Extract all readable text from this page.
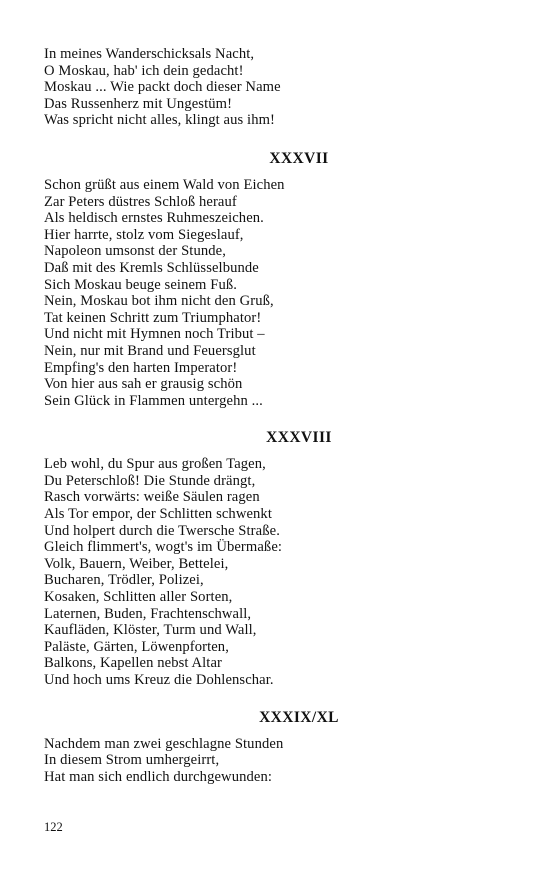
In meines Wanderschicksals Nacht,
O Moskau, hab' ich dein gedacht!
Moskau ... Wie packt doch dieser Name
Das Russenherz mit Ungestüm!
Was spricht nicht alles, klingt aus ihm!
XXXVII
Schon grüßt aus einem Wald von Eichen
Zar Peters düstres Schloß herauf
Als heldisch ernstes Ruhmeszeichen.
Hier harrte, stolz vom Siegeslauf,
Napoleon umsonst der Stunde,
Daß mit des Kremls Schlüsselbunde
Sich Moskau beuge seinem Fuß.
Nein, Moskau bot ihm nicht den Gruß,
Tat keinen Schritt zum Triumphator!
Und nicht mit Hymnen noch Tribut –
Nein, nur mit Brand und Feuersglut
Empfing's den harten Imperator!
Von hier aus sah er grausig schön
Sein Glück in Flammen untergehn ...
XXXVIII
Leb wohl, du Spur aus großen Tagen,
Du Peterschloß! Die Stunde drängt,
Rasch vorwärts: weiße Säulen ragen
Als Tor empor, der Schlitten schwenkt
Und holpert durch die Twersche Straße.
Gleich flimmert's, wogt's im Übermaße:
Volk, Bauern, Weiber, Bettelei,
Bucharen, Trödler, Polizei,
Kosaken, Schlitten aller Sorten,
Laternen, Buden, Frachtenschwall,
Kaufläden, Klöster, Turm und Wall,
Paläste, Gärten, Löwenpforten,
Balkons, Kapellen nebst Altar
Und hoch ums Kreuz die Dohlenschar.
XXXIX/XL
Nachdem man zwei geschlagne Stunden
In diesem Strom umhergeirrt,
Hat man sich endlich durchgewunden:
122
